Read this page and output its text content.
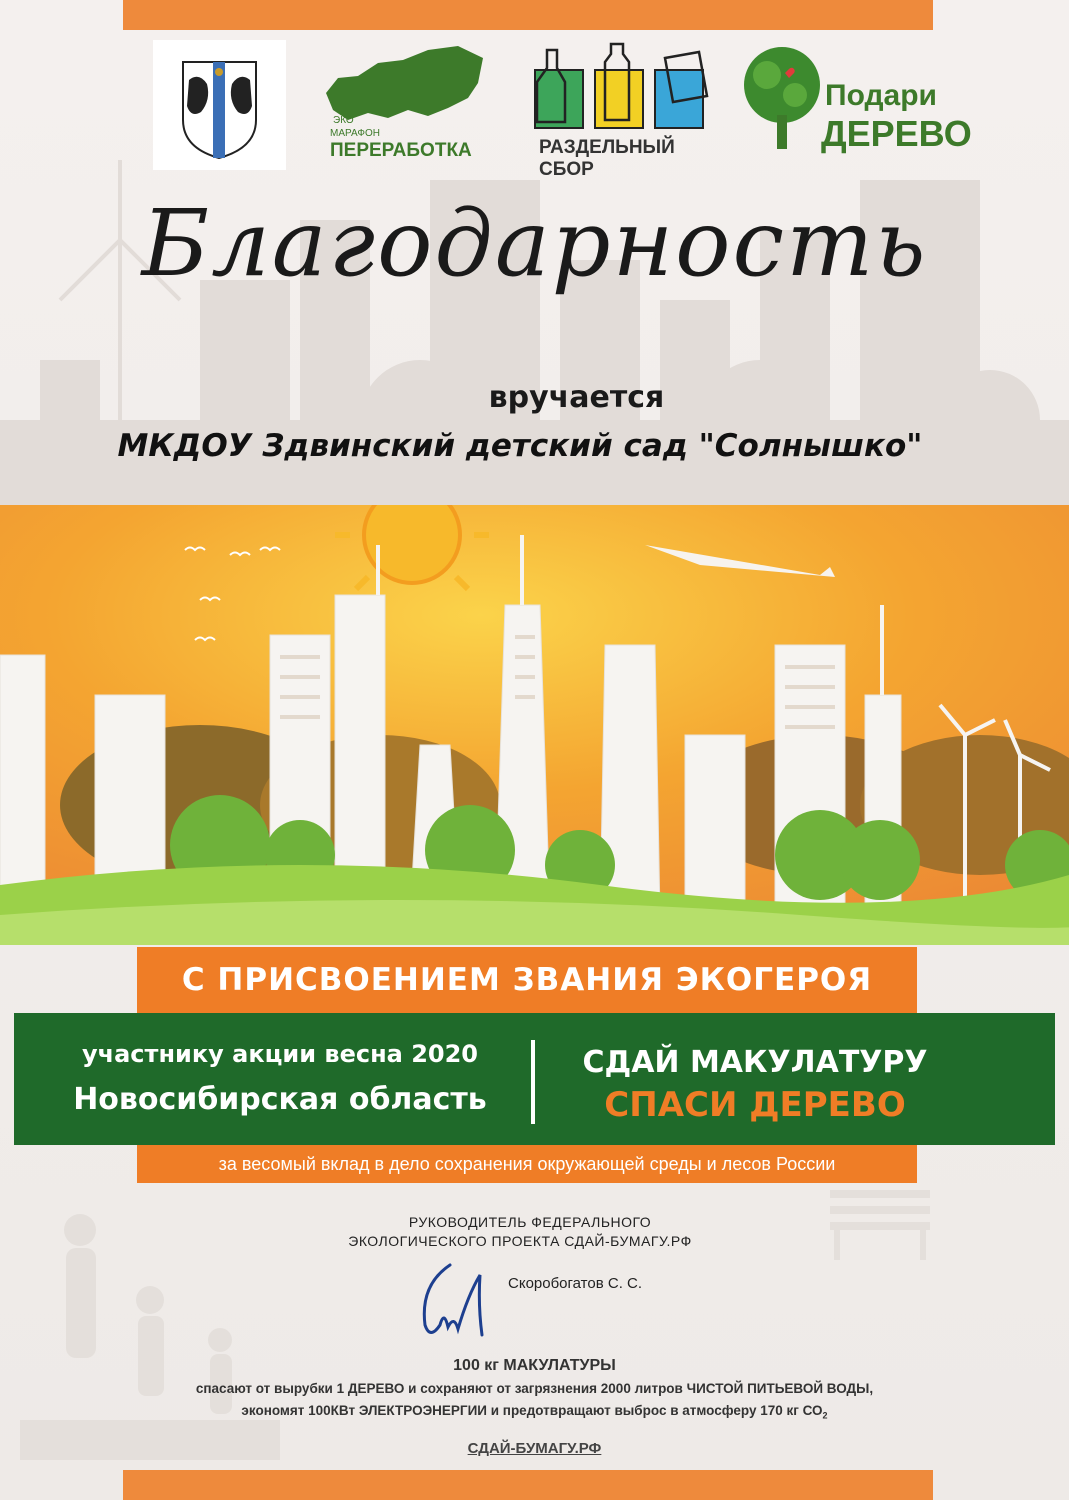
ЭКО
МАРАФОН
ПЕРЕРАБОТКА	РАЗДЕЛЬНЫЙ СБОР
Подари
ДЕРЕВО
Благодарность
вручается
МКДОУ Здвинский детский сад "Солнышко"
С ПРИСВОЕНИЕМ ЗВАНИЯ ЭКОГЕРОЯ
участнику акции весна 2020
Новосибирская область
СДАЙ МАКУЛАТУРУ
СПАСИ ДЕРЕВО
за весомый вклад в дело сохранения окружающей среды и лесов России
РУКОВОДИТЕЛЬ ФЕДЕРАЛЬНОГО
ЭКОЛОГИЧЕСКОГО ПРОЕКТА СДАЙ-БУМАГУ.РФ
Скоробогатов С. С.
100 кг МАКУЛАТУРЫ
спасают от вырубки 1 ДЕРЕВО и сохраняют от загрязнения 2000 литров ЧИСТОЙ ПИТЬЕВОЙ ВОДЫ,
экономят 100КВт ЭЛЕКТРОЭНЕРГИИ и предотвращают выброс в атмосферу 170 кг $СО_2$
СДАЙ-БУМАГУ.РФ
